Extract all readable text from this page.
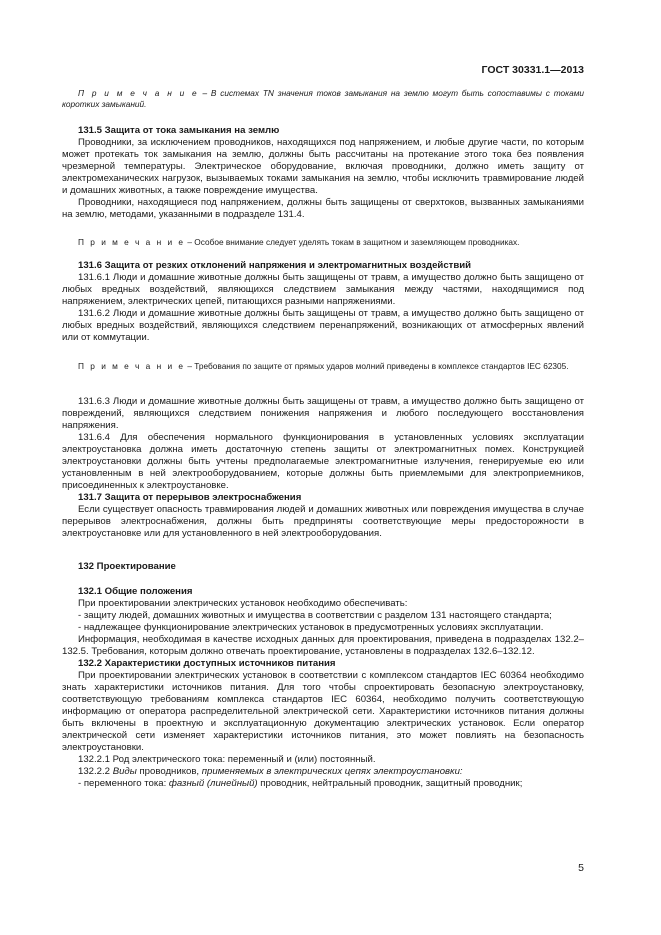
ГОСТ 30331.1—2013

П р и м е ч а н и е – В системах TN значения токов замыкания на землю могут быть сопоставимы с токами коротких замыканий.

131.5 Защита от тока замыкания на землю

Проводники, за исключением проводников, находящихся под напряжением, и любые другие части, по которым может протекать ток замыкания на землю, должны быть рассчитаны на протекание этого тока без появления чрезмерной температуры. Электрическое оборудование, включая проводники, должно иметь защиту от электромеханических нагрузок, вызываемых токами замыкания на землю, чтобы исключить травмирование людей и домашних животных, а также повреждение имущества.

Проводники, находящиеся под напряжением, должны быть защищены от сверхтоков, вызванных замыканиями на землю, методами, указанными в подразделе 131.4.

П р и м е ч а н и е – Особое внимание следует уделять токам в защитном и заземляющем проводниках.

131.6 Защита от резких отклонений напряжения и электромагнитных воздействий

131.6.1 Люди и домашние животные должны быть защищены от травм, а имущество должно быть защищено от любых вредных воздействий, являющихся следствием замыкания между частями, находящимися под напряжением, электрических цепей, питающихся разными напряжениями.

131.6.2 Люди и домашние животные должны быть защищены от травм, а имущество должно быть защищено от любых вредных воздействий, являющихся следствием перенапряжений, возникающих от атмосферных явлений или от коммутации.

П р и м е ч а н и е – Требования по защите от прямых ударов молний приведены в комплексе стандартов IEC 62305.

131.6.3 Люди и домашние животные должны быть защищены от травм, а имущество должно быть защищено от повреждений, являющихся следствием понижения напряжения и любого последующего восстановления напряжения.

131.6.4 Для обеспечения нормального функционирования в установленных условиях эксплуатации электроустановка должна иметь достаточную степень защиты от электромагнитных помех. Конструкцией электроустановки должны быть учтены предполагаемые электромагнитные излучения, генерируемые ею или установленным в ней электрооборудованием, которые должны быть приемлемыми для электроприемников, присоединенных к электроустановке.

131.7 Защита от перерывов электроснабжения

Если существует опасность травмирования людей и домашних животных или повреждения имущества в случае перерывов электроснабжения, должны быть предприняты соответствующие меры предосторожности в электроустановке или для установленного в ней электрооборудования.

132 Проектирование

132.1 Общие положения

При проектировании электрических установок необходимо обеспечивать:

- защиту людей, домашних животных и имущества в соответствии с разделом 131 настоящего стандарта;

- надлежащее функционирование электрических установок в предусмотренных условиях эксплуатации.

Информация, необходимая в качестве исходных данных для проектирования, приведена в подразделах 132.2–132.5. Требования, которым должно отвечать проектирование, установлены в подразделах 132.6–132.12.

132.2 Характеристики доступных источников питания

При проектировании электрических установок в соответствии с комплексом стандартов IEC 60364 необходимо знать характеристики источников питания. Для того чтобы спроектировать безопасную электроустановку, соответствующую требованиям комплекса стандартов IEC 60364, необходимо получить соответствующую информацию от оператора распределительной электрической сети. Характеристики источников питания должны быть включены в проектную и эксплуатационную документацию электрических установок. Если оператор электрической сети изменяет характеристики источников питания, это может повлиять на безопасность электроустановки.

132.2.1 Род электрического тока: переменный и (или) постоянный.

132.2.2 Виды проводников, применяемых в электрических цепях электроустановки:

- переменного тока: фазный (линейный) проводник, нейтральный проводник, защитный проводник;

5
